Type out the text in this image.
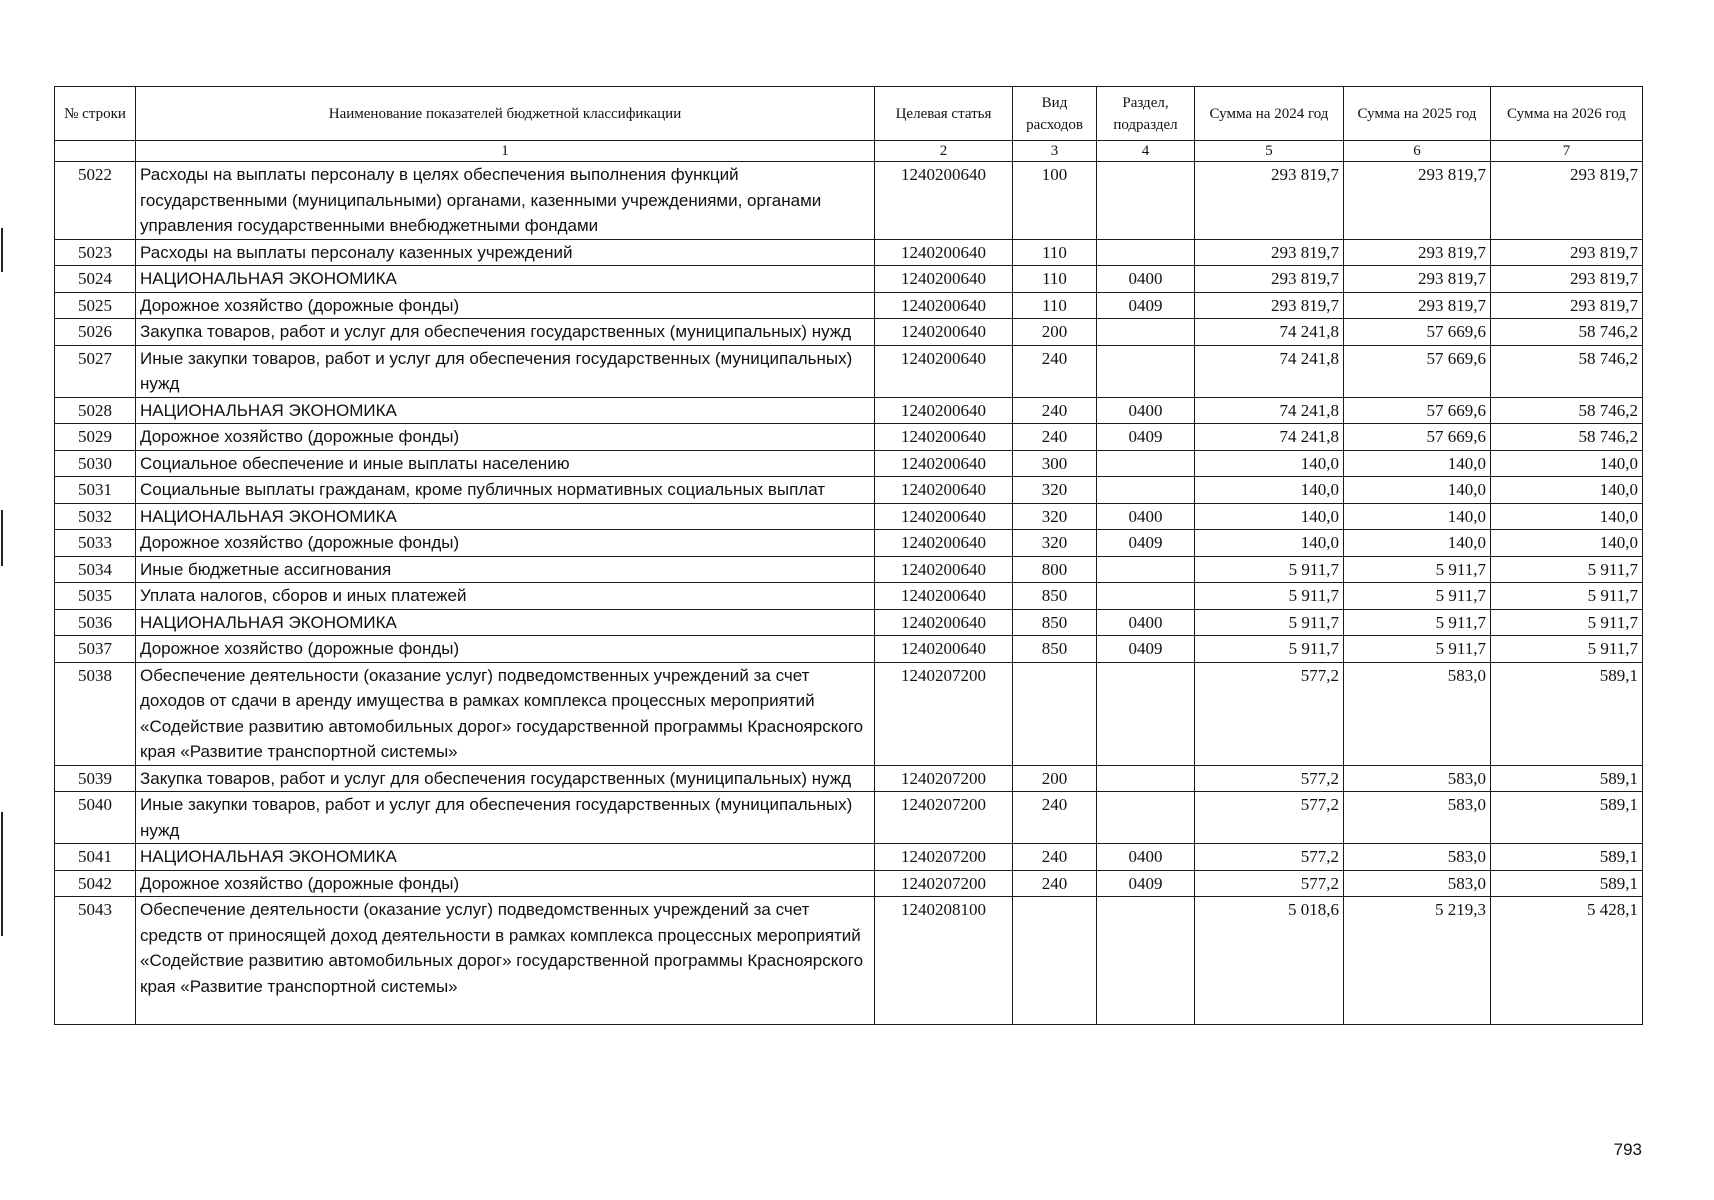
№ строки	Наименование показателей бюджетной классификации	Целевая статья	Вид расходов	Раздел, подраздел	Сумма на 2024 год	Сумма на 2025 год	Сумма на 2026 год
	1	2	3	4	5	6	7
5022	Расходы на выплаты персоналу в целях обеспечения выполнения функций государственными (муниципальными) органами, казенными учреждениями, органами управления государственными внебюджетными фондами	1240200640	100		293 819,7	293 819,7	293 819,7
5023	Расходы на выплаты персоналу казенных учреждений	1240200640	110		293 819,7	293 819,7	293 819,7
5024	НАЦИОНАЛЬНАЯ ЭКОНОМИКА	1240200640	110	0400	293 819,7	293 819,7	293 819,7
5025	Дорожное хозяйство (дорожные фонды)	1240200640	110	0409	293 819,7	293 819,7	293 819,7
5026	Закупка товаров, работ и услуг для обеспечения государственных (муниципальных) нужд	1240200640	200		74 241,8	57 669,6	58 746,2
5027	Иные закупки товаров, работ и услуг для обеспечения государственных (муниципальных) нужд	1240200640	240		74 241,8	57 669,6	58 746,2
5028	НАЦИОНАЛЬНАЯ ЭКОНОМИКА	1240200640	240	0400	74 241,8	57 669,6	58 746,2
5029	Дорожное хозяйство (дорожные фонды)	1240200640	240	0409	74 241,8	57 669,6	58 746,2
5030	Социальное обеспечение и иные выплаты населению	1240200640	300		140,0	140,0	140,0
5031	Социальные выплаты гражданам, кроме публичных нормативных социальных выплат	1240200640	320		140,0	140,0	140,0
5032	НАЦИОНАЛЬНАЯ ЭКОНОМИКА	1240200640	320	0400	140,0	140,0	140,0
5033	Дорожное хозяйство (дорожные фонды)	1240200640	320	0409	140,0	140,0	140,0
5034	Иные бюджетные ассигнования	1240200640	800		5 911,7	5 911,7	5 911,7
5035	Уплата налогов, сборов и иных платежей	1240200640	850		5 911,7	5 911,7	5 911,7
5036	НАЦИОНАЛЬНАЯ ЭКОНОМИКА	1240200640	850	0400	5 911,7	5 911,7	5 911,7
5037	Дорожное хозяйство (дорожные фонды)	1240200640	850	0409	5 911,7	5 911,7	5 911,7
5038	Обеспечение деятельности (оказание услуг) подведомственных учреждений за счет доходов от сдачи в аренду имущества в рамках комплекса процессных мероприятий «Содействие развитию автомобильных дорог» государственной программы Красноярского края «Развитие транспортной системы»	1240207200			577,2	583,0	589,1
5039	Закупка товаров, работ и услуг для обеспечения государственных (муниципальных) нужд	1240207200	200		577,2	583,0	589,1
5040	Иные закупки товаров, работ и услуг для обеспечения государственных (муниципальных) нужд	1240207200	240		577,2	583,0	589,1
5041	НАЦИОНАЛЬНАЯ ЭКОНОМИКА	1240207200	240	0400	577,2	583,0	589,1
5042	Дорожное хозяйство (дорожные фонды)	1240207200	240	0409	577,2	583,0	589,1
5043	Обеспечение деятельности (оказание услуг) подведомственных учреждений за счет средств от приносящей доход деятельности в рамках комплекса процессных мероприятий «Содействие развитию автомобильных дорог» государственной программы Красноярского края «Развитие транспортной системы»	1240208100			5 018,6	5 219,3	5 428,1
793
